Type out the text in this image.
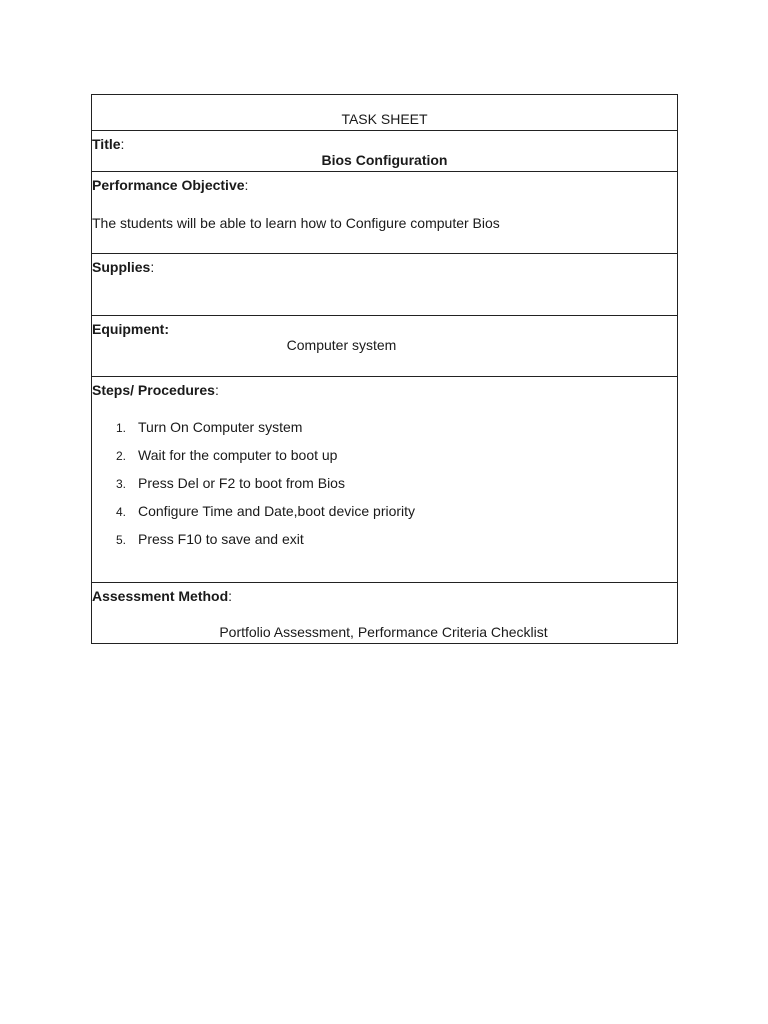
TASK SHEET
Title:
Bios Configuration
Performance Objective:
The students will be able to learn how to Configure computer Bios
Supplies:
Equipment:
Computer system
Steps/ Procedures:
1. Turn On Computer system
2. Wait for the computer to boot up
3. Press Del or F2 to boot from Bios
4. Configure Time and Date,boot device priority
5. Press F10 to save and exit
Assessment Method:
Portfolio Assessment, Performance Criteria Checklist
